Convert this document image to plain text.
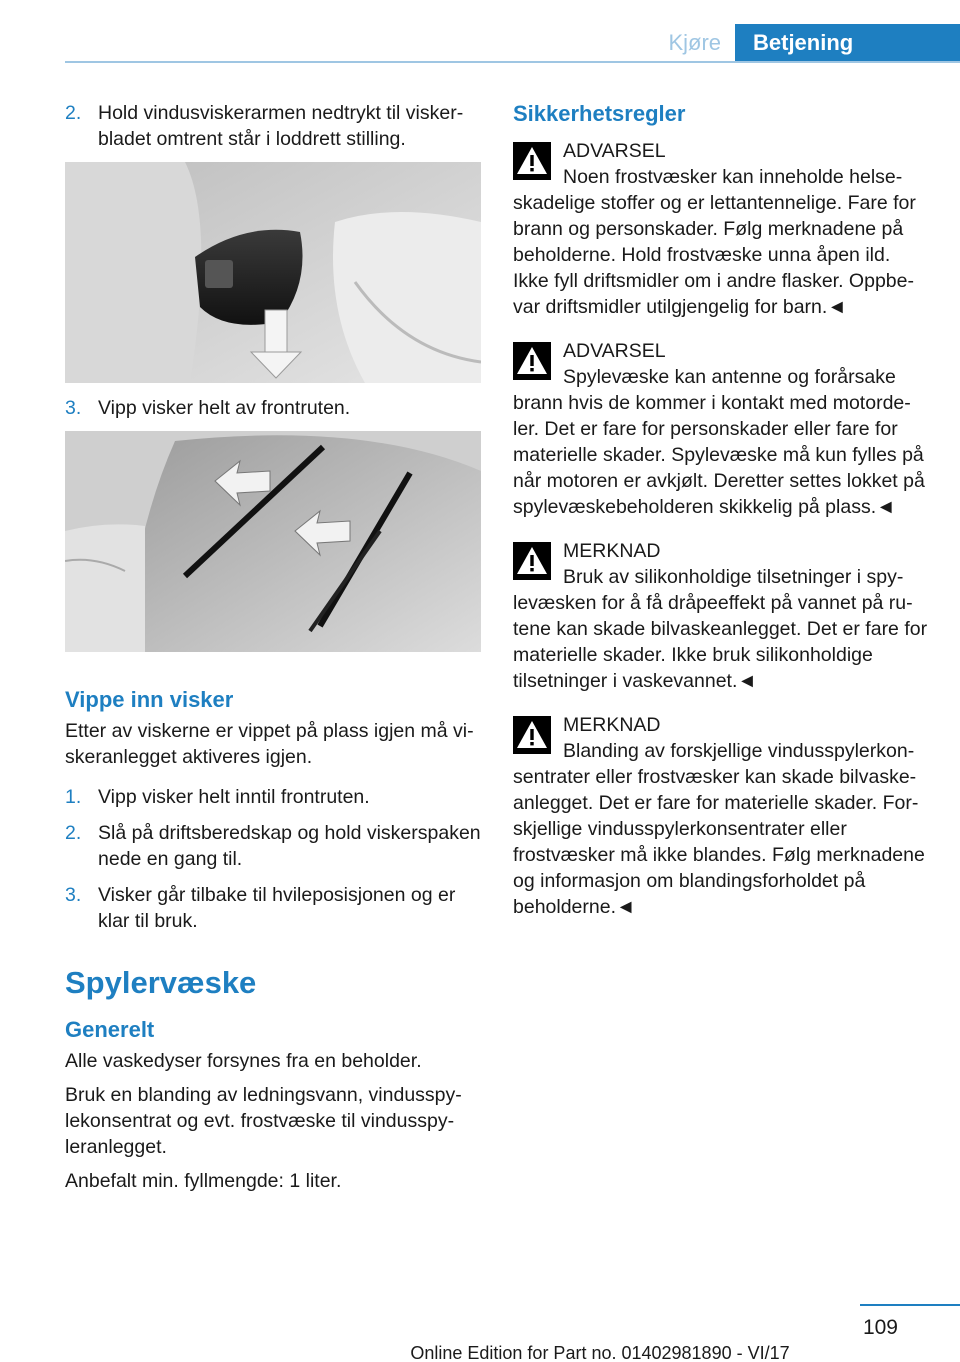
Kjøre	Betjening
2. Hold vindusviskerarmen nedtrykt til viskerbladet omtrent står i loddrett stilling.
3. Vipp visker helt av frontruten.
Vippe inn visker
Etter av viskerne er vippet på plass igjen må viskeranlegget aktiveres igjen.
1. Vipp visker helt inntil frontruten.
2. Slå på driftsberedskap og hold viskerspaken nede en gang til.
3. Visker går tilbake til hvileposisjonen og er klar til bruk.
Spylervæske
Generelt
Alle vaskedyser forsynes fra en beholder.
Bruk en blanding av ledningsvann, vindusspylekonsentrat og evt. frostvæske til vindusspyleranlegget.
Anbefalt min. fyllmengde: 1 liter.
Sikkerhetsregler
ADVARSEL
Noen frostvæsker kan inneholde helseskadelige stoffer og er lettantennelige. Fare for brann og personskader. Følg merknadene på beholderne. Hold frostvæske unna åpen ild. Ikke fyll driftsmidler om i andre flasker. Oppbevar driftsmidler utilgjengelig for barn.◄
ADVARSEL
Spylevæske kan antenne og forårsake brann hvis de kommer i kontakt med motordeler. Det er fare for personskader eller fare for materielle skader. Spylevæske må kun fylles på når motoren er avkjølt. Deretter settes lokket på spylevæskebeholderen skikkelig på plass.◄
MERKNAD
Bruk av silikonholdige tilsetninger i spylevæsken for å få dråpeeffekt på vannet på rutene kan skade bilvaskeanlegget. Det er fare for materielle skader. Ikke bruk silikonholdige tilsetninger i vaskevannet.◄
MERKNAD
Blanding av forskjellige vindusspylerkonsentrater eller frostvæsker kan skade bilvaskeanlegget. Det er fare for materielle skader. Forskjellige vindusspylerkonsentrater eller frostvæsker må ikke blandes. Følg merknadene og informasjon om blandingsforholdet på beholderne.◄
109
Online Edition for Part no. 01402981890 - VI/17
